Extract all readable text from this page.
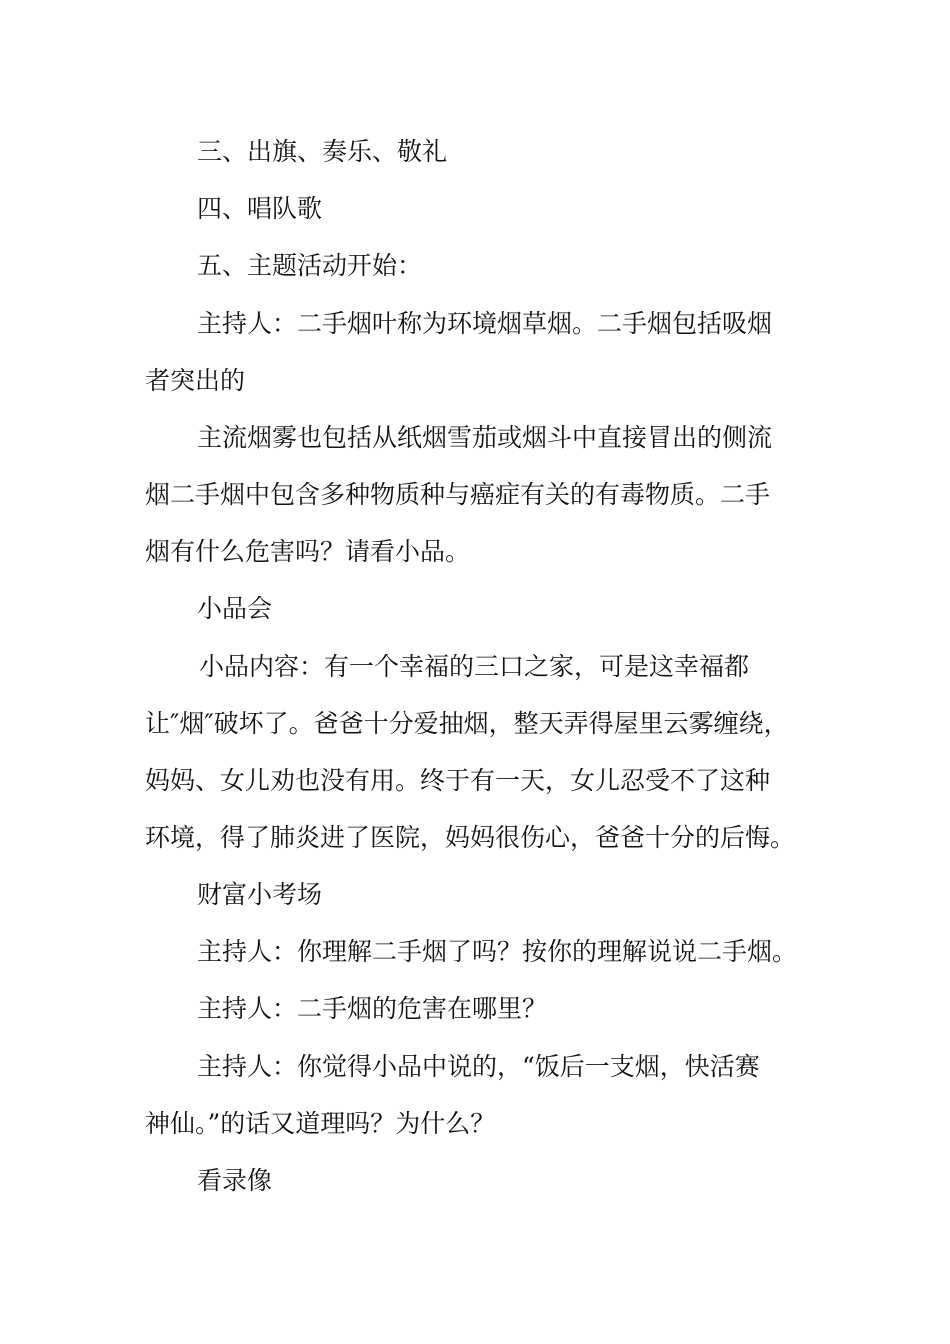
三、出旗、奏乐、敬礼

四、唱队歌

五、主题活动开始：

主持人：二手烟叶称为环境烟草烟。二手烟包括吸烟

者突出的

主流烟雾也包括从纸烟雪茄或烟斗中直接冒出的侧流

烟二手烟中包含多种物质种与癌症有关的有毒物质。二手

烟有什么危害吗？请看小品。

小品会

小品内容：有一个幸福的三口之家，可是这幸福都

让″烟″破坏了。爸爸十分爱抽烟，整天弄得屋里云雾缠绕，

妈妈、女儿劝也没有用。终于有一天，女儿忍受不了这种

环境，得了肺炎进了医院，妈妈很伤心，爸爸十分的后悔。

财富小考场

主持人：你理解二手烟了吗？按你的理解说说二手烟。

主持人：二手烟的危害在哪里？

主持人：你觉得小品中说的，“饭后一支烟，快活赛

神仙。”的话又道理吗？为什么？

看录像
